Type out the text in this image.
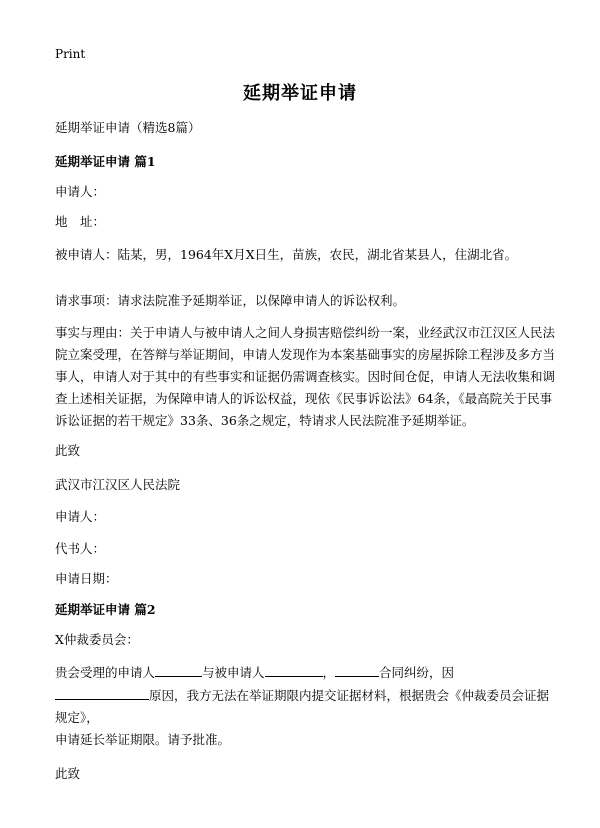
Print
延期举证申请

延期举证申请（精选8篇）

延期举证申请 篇1

申请人：

地　址：

被申请人：陆某，男，1964年X月X日生，苗族，农民，湖北省某县人，住湖北省。

请求事项：请求法院准予延期举证，以保障申请人的诉讼权利。

事实与理由：关于申请人与被申请人之间人身损害赔偿纠纷一案，业经武汉市江汉区人民法院立案受理，在答辩与举证期间，申请人发现作为本案基础事实的房屋拆除工程涉及多方当事人，申请人对于其中的有些事实和证据仍需调查核实。因时间仓促，申请人无法收集和调查上述相关证据，为保障申请人的诉讼权益，现依《民事诉讼法》64条，《最高院关于民事诉讼证据的若干规定》33条、36条之规定，特请求人民法院准予延期举证。

此致

武汉市江汉区人民法院

申请人：

代书人：

申请日期：

延期举证申请 篇2

X仲裁委员会：

贵会受理的申请人	与被申请人	，	合同纠纷，因
原因，我方无法在举证期限内提交证据材料，根据贵会《仲裁委员会证据规定》，

申请延长举证期限。请予批准。

此致
